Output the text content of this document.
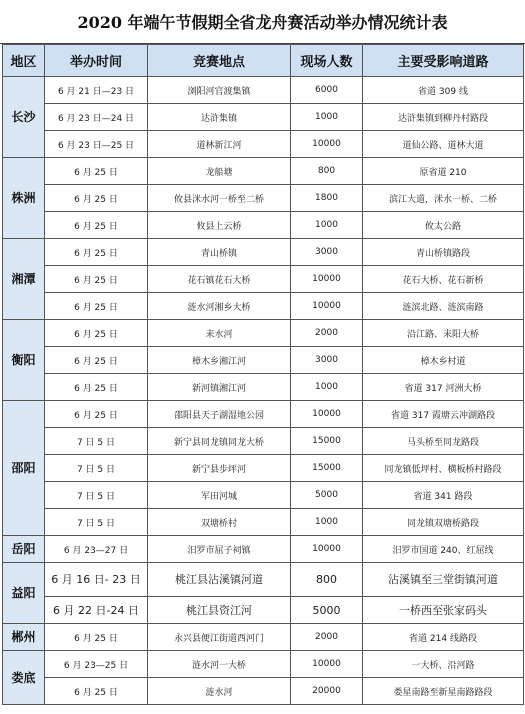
2020 年端午节假期全省龙舟赛活动举办情况统计表
地区	举办时间	竞赛地点	现场人数	主要受影响道路
长沙	6 月 21 日—23 日	浏阳河官渡集镇	6000	省道 309 线
	6 月 23 日—24 日	达浒集镇	1000	达浒集镇到柳丹村路段
	6 月 23 日—25 日	道林新江河	10000	道仙公路、道林大道
株洲	6 月 25 日	龙船塘	800	原省道 210
	6 月 25 日	攸县洣水河一桥至二桥	1800	滨江大道，洣水一桥、二桥
	6 月 25 日	攸县上云桥	1000	攸太公路
湘潭	6 月 25 日	青山桥镇	3000	青山桥镇路段
	6 月 25 日	花石镇花石大桥	10000	花石大桥、花石新桥
	6 月 25 日	涟水河湘乡大桥	10000	涟滨北路、涟滨南路
衡阳	6 月 25 日	耒水河	2000	沿江路、耒阳大桥
	6 月 25 日	樟木乡湘江河	3000	樟木乡村道
	6 月 25 日	新河镇湘江河	1000	省道 317 河洲大桥
邵阳	6 月 25 日	邵阳县天子湖湿地公园	10000	省道 317 霞塘云冲湖路段
	7 日 5 日	新宁县同龙镇同龙大桥	15000	马头桥至同龙路段
	7 日 5 日	新宁县步坪河	15000	同龙镇低坪村、横板桥村路段
	7 日 5 日	军田河城	5000	省道 341 路段
	7 日 5 日	双塘桥村	1000	同龙镇双塘桥路段
岳阳	6 月 23—27 日	汨罗市屈子祠镇	10000	汨罗市国道 240、红屈线
益阳	6 月 16 日- 23 日	桃江县沾溪镇河道	800	沾溪镇至三堂街镇河道
	6 月 22 日-24 日	桃江县资江河	5000	一桥西至张家码头
郴州	6 月 25 日	永兴县便江街道西河门	2000	省道 214 线路段
娄底	6 月 23—25 日	涟水河一大桥	10000	一大桥、沿河路
	6 月 25 日	涟水河	20000	娄星南路至新星南路路段
